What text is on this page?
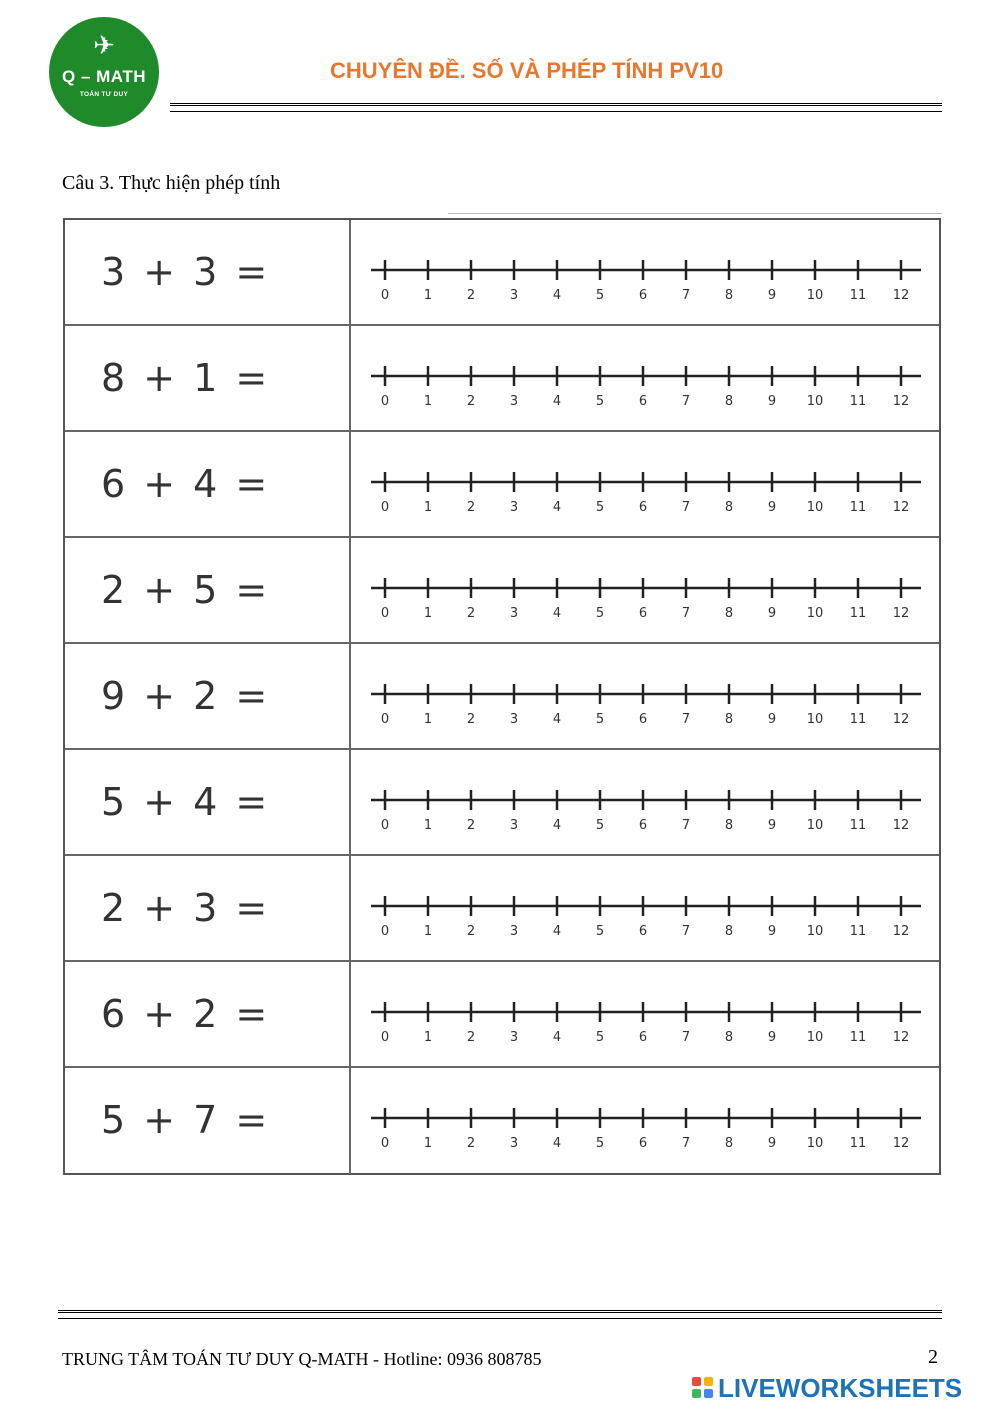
✈
Q – MATH
TOÁN TƯ DUY
CHUYÊN ĐỀ. SỐ VÀ PHÉP TÍNH PV10
Câu 3. Thực hiện phép tính
3 + 3 =
0	1	2	3	4	5	6	7	8	9 10 11 12
8 + 1 =
0	1	2	3	4	5	6	7	8	9 10 11 12
6 + 4 =
0	1	2	3	4	5	6	7	8	9 10 11 12
2 + 5 =
0	1	2	3	4	5	6	7	8	9 10 11 12
9 + 2 =
0	1	2	3	4	5	6	7	8	9 10 11 12
5 + 4 =
0	1	2	3	4	5	6	7	8	9 10 11 12
2 + 3 =
0	1	2	3	4	5	6	7	8	9 10 11 12
6 + 2 =
0	1	2	3	4	5	6	7	8	9 10 11 12
5 + 7 =
0	1	2	3	4	5	6	7	8	9 10 11 12
TRUNG TÂM TOÁN TƯ DUY Q-MATH - Hotline: 0936 808785	2
LIVEWORKSHEETS
